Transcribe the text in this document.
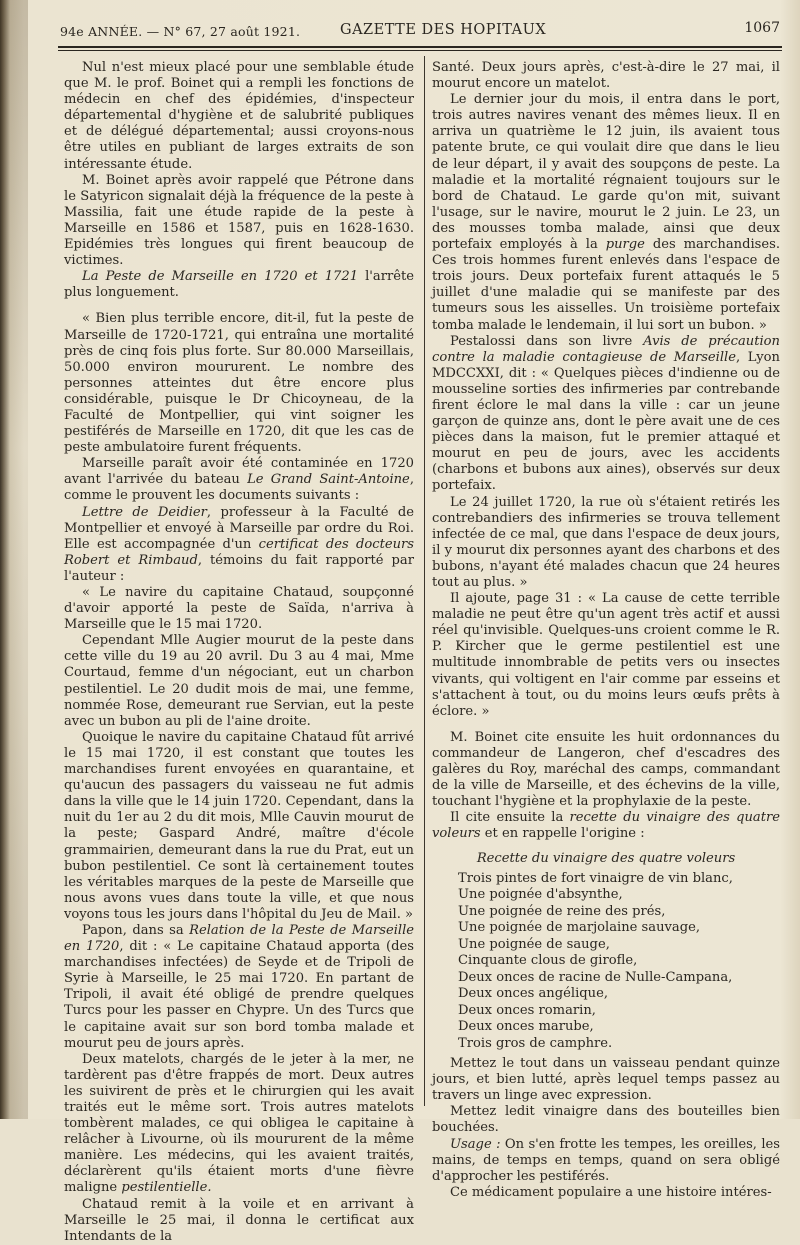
94e ANNÉE. — N° 67, 27 août 1921.	GAZETTE DES HOPITAUX	1067

Nul n'est mieux placé pour une semblable étude que M. le prof. Boinet qui a rempli les fonctions de médecin en chef des épidémies, d'inspecteur départemental d'hygiène et de salubrité publiques et de délégué départemental; aussi croyons-nous être utiles en publiant de larges extraits de son intéressante étude.

M. Boinet après avoir rappelé que Pétrone dans le Satyricon signalait déjà la fréquence de la peste à Massilia, fait une étude rapide de la peste à Marseille en 1586 et 1587, puis en 1628-1630. Epidémies très longues qui firent beaucoup de victimes.

La Peste de Marseille en 1720 et 1721 l'arrête plus longuement.

« Bien plus terrible encore, dit-il, fut la peste de Marseille de 1720-1721, qui entraîna une mortalité près de cinq fois plus forte. Sur 80.000 Marseillais, 50.000 environ moururent. Le nombre des personnes atteintes dut être encore plus considérable, puisque le Dr Chicoyneau, de la Faculté de Montpellier, qui vint soigner les pestiférés de Marseille en 1720, dit que les cas de peste ambulatoire furent fréquents.

Marseille paraît avoir été contaminée en 1720 avant l'arrivée du bateau Le Grand Saint-Antoine, comme le prouvent les documents suivants :

Lettre de Deidier, professeur à la Faculté de Montpellier et envoyé à Marseille par ordre du Roi. Elle est accompagnée d'un certificat des docteurs Robert et Rimbaud, témoins du fait rapporté par l'auteur :

« Le navire du capitaine Chataud, soupçonné d'avoir apporté la peste de Saïda, n'arriva à Marseille que le 15 mai 1720.

Cependant Mlle Augier mourut de la peste dans cette ville du 19 au 20 avril. Du 3 au 4 mai, Mme Courtaud, femme d'un négociant, eut un charbon pestilentiel. Le 20 dudit mois de mai, une femme, nommée Rose, demeurant rue Servian, eut la peste avec un bubon au pli de l'aine droite.

Quoique le navire du capitaine Chataud fût arrivé le 15 mai 1720, il est constant que toutes les marchandises furent envoyées en quarantaine, et qu'aucun des passagers du vaisseau ne fut admis dans la ville que le 14 juin 1720. Cependant, dans la nuit du 1er au 2 du dit mois, Mlle Cauvin mourut de la peste; Gaspard André, maître d'école grammairien, demeurant dans la rue du Prat, eut un bubon pestilentiel. Ce sont là certainement toutes les véritables marques de la peste de Marseille que nous avons vues dans toute la ville, et que nous voyons tous les jours dans l'hôpital du Jeu de Mail. »

Papon, dans sa Relation de la Peste de Marseille en 1720, dit : « Le capitaine Chataud apporta (des marchandises infectées) de Seyde et de Tripoli de Syrie à Marseille, le 25 mai 1720. En partant de Tripoli, il avait été obligé de prendre quelques Turcs pour les passer en Chypre. Un des Turcs que le capitaine avait sur son bord tomba malade et mourut peu de jours après.

Deux matelots, chargés de le jeter à la mer, ne tardèrent pas d'être frappés de mort. Deux autres les suivirent de près et le chirurgien qui les avait traités eut le même sort. Trois autres matelots tombèrent malades, ce qui obligea le capitaine à relâcher à Livourne, où ils moururent de la même manière. Les médecins, qui les avaient traités, déclarèrent qu'ils étaient morts d'une fièvre maligne pestilentielle.

Chataud remit à la voile et en arrivant à Marseille le 25 mai, il donna le certificat aux Intendants de la

Santé. Deux jours après, c'est-à-dire le 27 mai, il mourut encore un matelot.

Le dernier jour du mois, il entra dans le port, trois autres navires venant des mêmes lieux. Il en arriva un quatrième le 12 juin, ils avaient tous patente brute, ce qui voulait dire que dans le lieu de leur départ, il y avait des soupçons de peste. La maladie et la mortalité régnaient toujours sur le bord de Chataud. Le garde qu'on mit, suivant l'usage, sur le navire, mourut le 2 juin. Le 23, un des mousses tomba malade, ainsi que deux portefaix employés à la purge des marchandises. Ces trois hommes furent enlevés dans l'espace de trois jours. Deux portefaix furent attaqués le 5 juillet d'une maladie qui se manifeste par des tumeurs sous les aisselles. Un troisième portefaix tomba malade le lendemain, il lui sort un bubon. »

Pestalossi dans son livre Avis de précaution contre la maladie contagieuse de Marseille, Lyon MDCCXXI, dit : « Quelques pièces d'indienne ou de mousseline sorties des infirmeries par contrebande firent éclore le mal dans la ville : car un jeune garçon de quinze ans, dont le père avait une de ces pièces dans la maison, fut le premier attaqué et mourut en peu de jours, avec les accidents (charbons et bubons aux aines), observés sur deux portefaix.

Le 24 juillet 1720, la rue où s'étaient retirés les contrebandiers des infirmeries se trouva tellement infectée de ce mal, que dans l'espace de deux jours, il y mourut dix personnes ayant des charbons et des bubons, n'ayant été malades chacun que 24 heures tout au plus. »

Il ajoute, page 31 : « La cause de cette terrible maladie ne peut être qu'un agent très actif et aussi réel qu'invisible. Quelques-uns croient comme le R. P. Kircher que le germe pestilentiel est une multitude innombrable de petits vers ou insectes vivants, qui voltigent en l'air comme par esseins et s'attachent à tout, ou du moins leurs œufs prêts à éclore. »

M. Boinet cite ensuite les huit ordonnances du commandeur de Langeron, chef d'escadres des galères du Roy, maréchal des camps, commandant de la ville de Marseille, et des échevins de la ville, touchant l'hygiène et la prophylaxie de la peste.

Il cite ensuite la recette du vinaigre des quatre voleurs et en rappelle l'origine :

Recette du vinaigre des quatre voleurs

Trois pintes de fort vinaigre de vin blanc,
Une poignée d'absynthe,
Une poignée de reine des prés,
Une poignée de marjolaine sauvage,
Une poignée de sauge,
Cinquante clous de girofle,
Deux onces de racine de Nulle-Campana,
Deux onces angélique,
Deux onces romarin,
Deux onces marube,
Trois gros de camphre.

Mettez le tout dans un vaisseau pendant quinze jours, et bien lutté, après lequel temps passez au travers un linge avec expression.

Mettez ledit vinaigre dans des bouteilles bien bouchées.

Usage : On s'en frotte les tempes, les oreilles, les mains, de temps en temps, quand on sera obligé d'approcher les pestiférés.

Ce médicament populaire a une histoire intéres-
